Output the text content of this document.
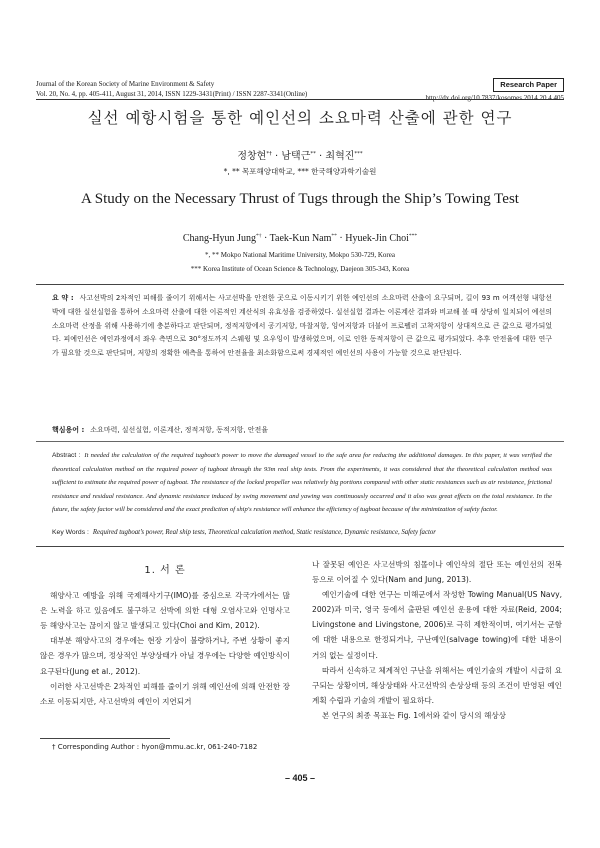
Journal of the Korean Society of Marine Environment & Safety
Vol. 20, No. 4, pp. 405-411, August 31, 2014, ISSN 1229-3431(Print) / ISSN 2287-3341(Online)
Research Paper
http://dx.doi.org/10.7837/kosomes.2014.20.4.405
실선 예항시험을 통한 예인선의 소요마력 산출에 관한 연구
정창현*† · 남택근** · 최혁진***
*, ** 목포해양대학교, *** 한국해양과학기술원
A Study on the Necessary Thrust of Tugs through the Ship’s Towing Test
Chang-Hyun Jung*† · Taek-Kun Nam** · Hyuek-Jin Choi***
*, ** Mokpo National Maritime University, Mokpo 530-729, Korea
*** Korea Institute of Ocean Science & Technology, Daejeon 305-343, Korea
요 약 : 사고선박의 2차적인 피해를 줄이기 위해서는 사고선박을 안전한 곳으로 이동시키기 위한 예인선의 소요마력 산출이 요구되며, 길이 93 m 여객선형 내항선박에 대한 실선실험을 통하여 소요마력 산출에 대한 이론적인 계산식의 유효성을 검증하였다. 실선실험 결과는 이론계산 결과와 비교해 볼 때 상당히 일치되어 예선의 소요마력 산정을 위해 사용하기에 충분하다고 판단되며, 정적저항에서 공기저항, 마찰저항, 잉여저항과 더불어 프로펠러 고착저항이 상대적으로 큰 값으로 평가되었다. 피예인선은 예인과정에서 좌우 측면으로 30°정도까지 스웨윙 및 요우잉이 발생하였으며, 이로 인한 동적저항이 큰 값으로 평가되었다. 추후 안전율에 대한 연구가 필요할 것으로 판단되며, 저항의 정확한 예측을 통하여 안전율을 최소화함으로써 경제적인 예인선의 사용이 가능할 것으로 판단된다.
핵심용어 : 소요마력, 실선실험, 이론계산, 정적저항, 동적저항, 안전율
Abstract : It needed the calculation of the required tugboat’s power to move the damaged vessel to the safe area for reducing the additional damages. In this paper, it was verified the theoretical calculation method on the required power of tugboat through the 93m real ship tests. From the experiments, it was considered that the theoretical calculation method was sufficient to estimate the required power of tugboat. The resistance of the locked propeller was relatively big portions compared with other static resistances such as air resistance, frictional resistance and residual resistance. And dynamic resistance induced by swing movement and yawing was continuously occurred and it also was great effects on the total resistance. In the future, the safety factor will be considered and the exact prediction of ship's resistance will enhance the efficiency of tugboat because of the minimization of safety factor.
Key Words : Required tugboat’s power, Real ship tests, Theoretical calculation method, Static resistance, Dynamic resistance, Safety factor
1. 서 론

해양사고 예방을 위해 국제해사기구(IMO)를 중심으로 각국가에서는 많은 노력을 하고 있음에도 불구하고 선박에 의한 대형 오염사고와 인명사고 등 해양사고는 끊이지 않고 발생되고 있다(Choi and Kim, 2012).

대부분 해양사고의 경우에는 현장 기상이 불량하거나, 주변 상황이 좋지 않은 경우가 많으며, 정상적인 부양상태가 아닐 경우에는 다양한 예인방식이 요구된다(Jung et al., 2012).

이러한 사고선박은 2차적인 피해를 줄이기 위해 예인선에 의해 안전한 장소로 이동되지만, 사고선박의 예인이 지연되거

나 잘못된 예인은 사고선박의 침몰이나 예인삭의 절단 또는 예인선의 전복 등으로 이어질 수 있다(Nam and Jung, 2013).

예인기술에 대한 연구는 미해군에서 작성한 Towing Manual(US Navy, 2002)과 미국, 영국 등에서 출판된 예인선 운용에 대한 자료(Reid, 2004; Livingstone and Livingstone, 2006)로 극히 제한적이며, 여기서는 군함에 대한 내용으로 한정되거나, 구난예인(salvage towing)에 대한 내용이 거의 없는 실정이다.

따라서 신속하고 체계적인 구난을 위해서는 예인기술의 개발이 시급히 요구되는 상황이며, 해상상태와 사고선박의 손상상태 등의 조건이 반영된 예인계획 수립과 기술의 개발이 필요하다.

본 연구의 최종 목표는 Fig. 1에서와 같이 당시의 해상상

† Corresponding Author : hyon@mmu.ac.kr, 061-240-7182
– 405 –
